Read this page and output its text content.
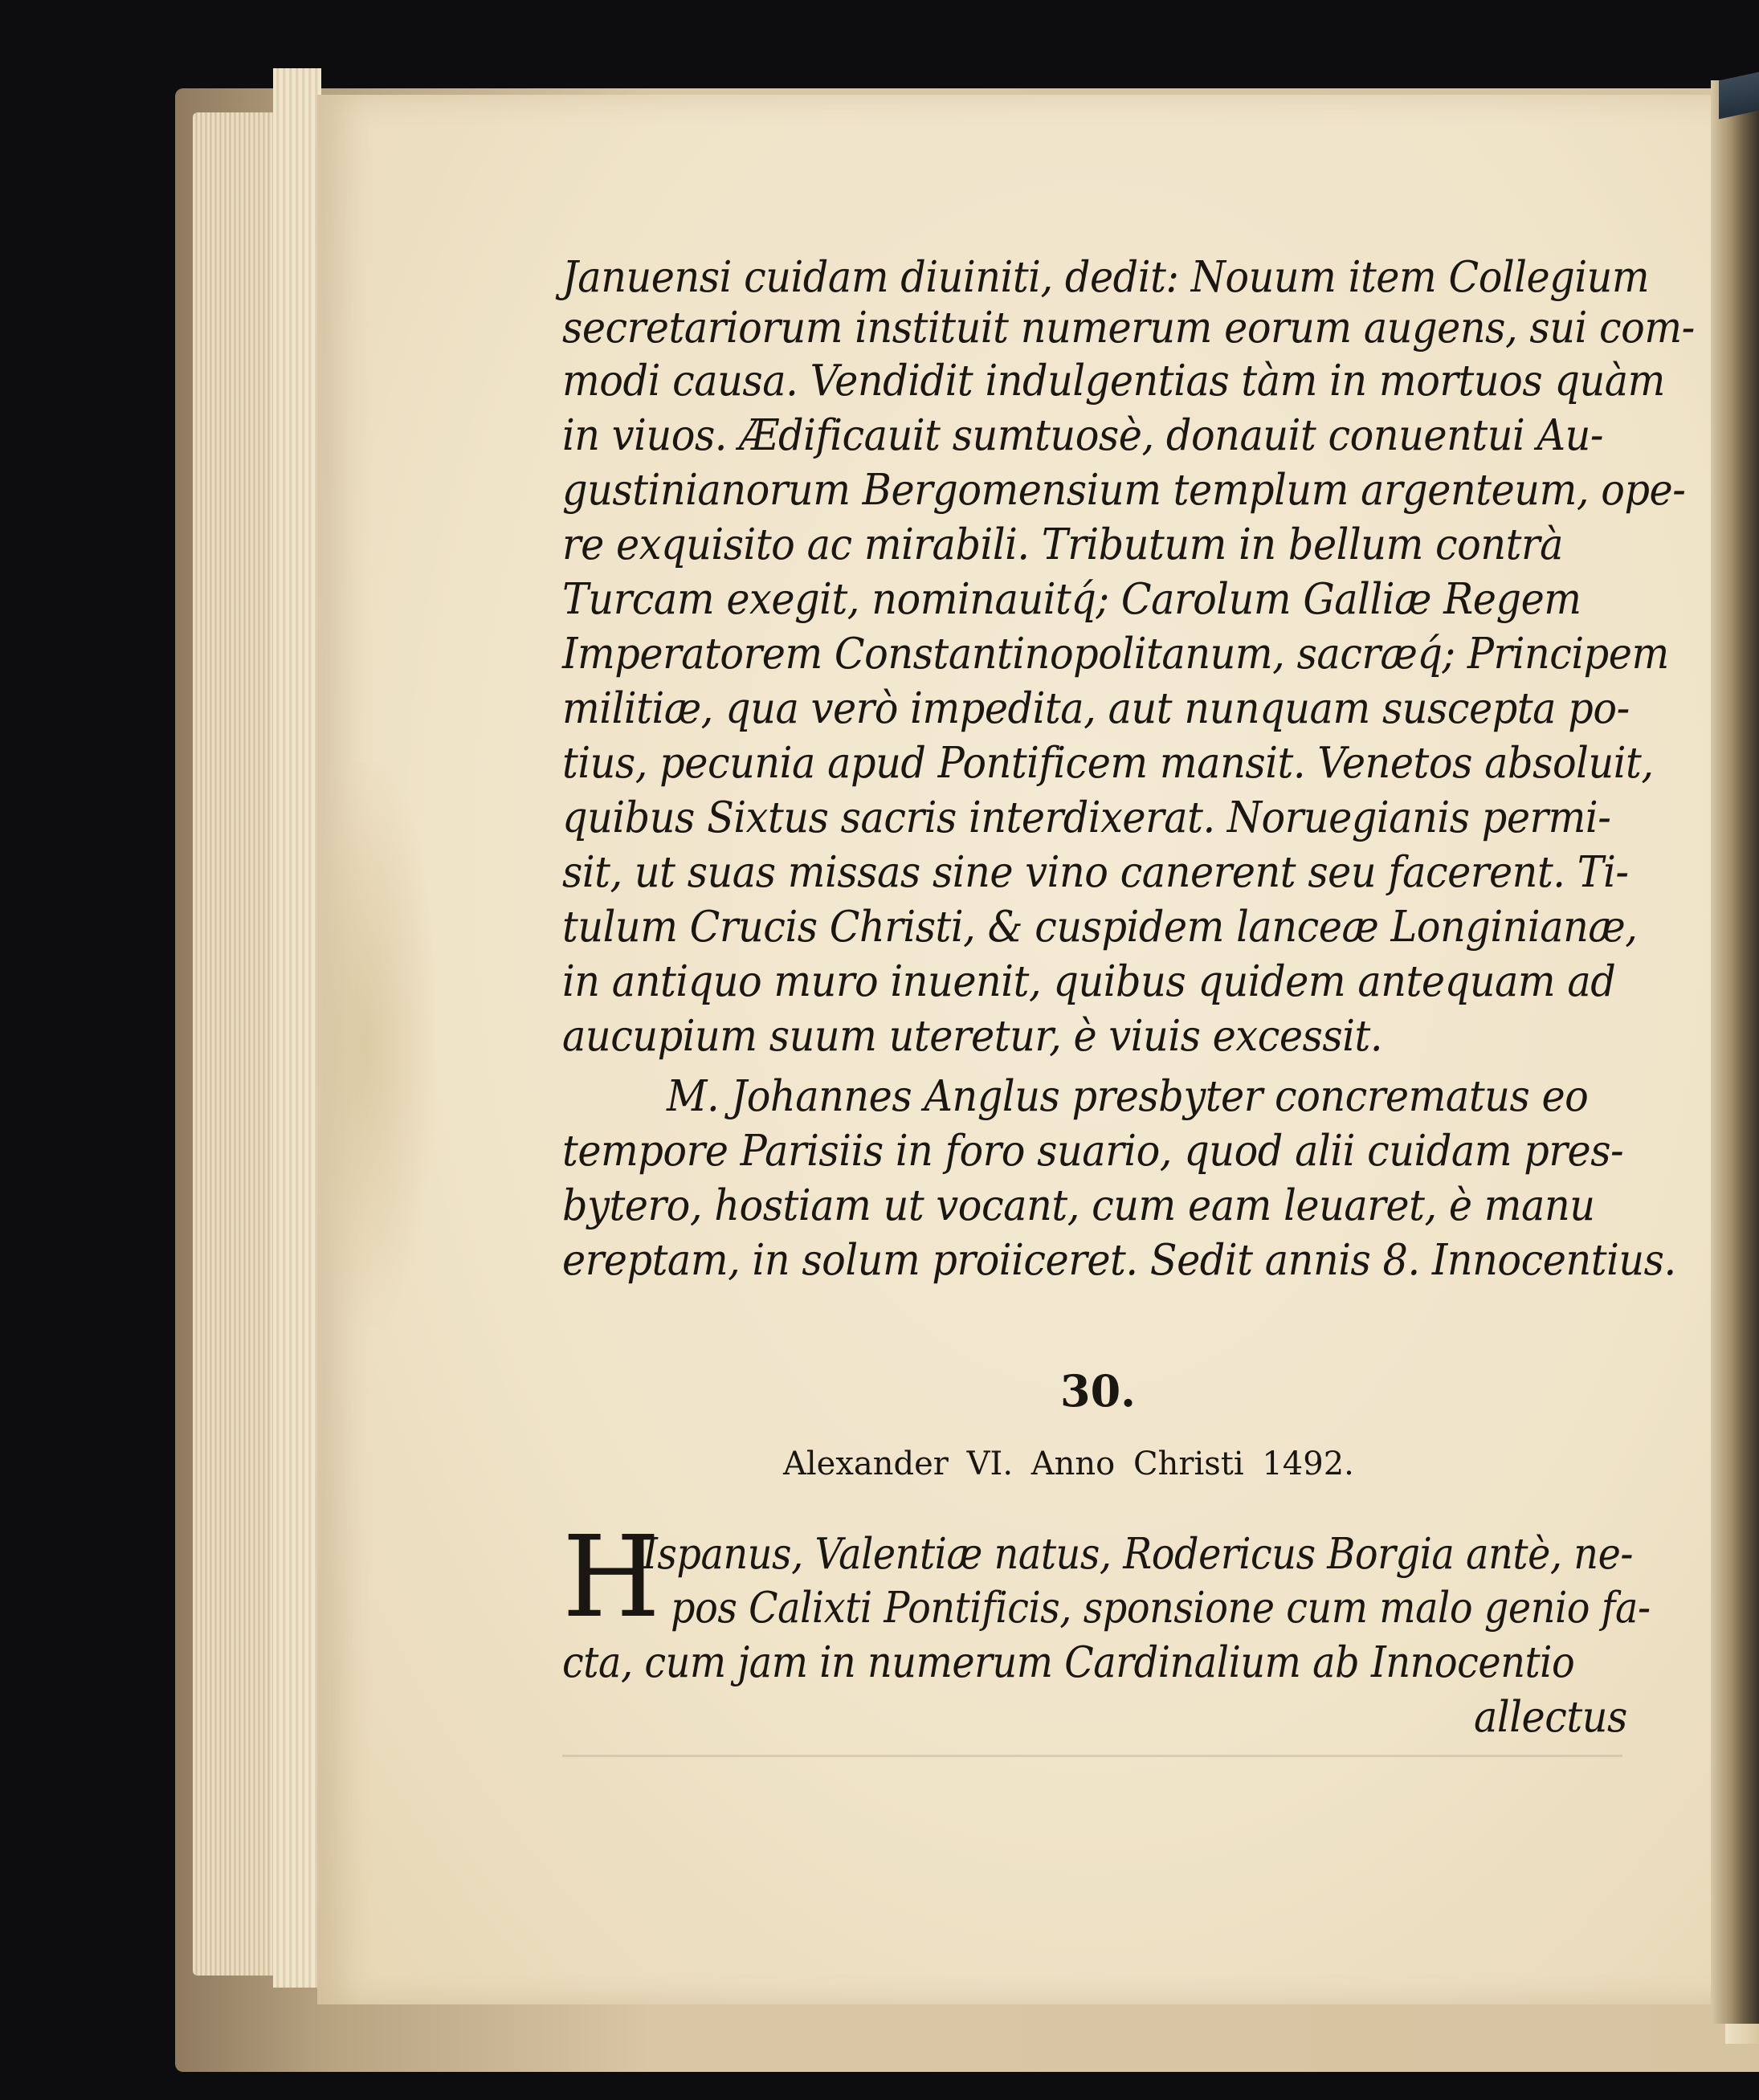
Januensi cuidam diuiniti, dedit: Nouum item Collegium
secretariorum instituit numerum eorum augens, sui com-
modi causa. Vendidit indulgentias tàm in mortuos quàm
in viuos. Ædificauit sumtuosè, donauit conuentui Au-
gustinianorum Bergomensium templum argenteum, ope-
re exquisito ac mirabili. Tributum in bellum contrà
Turcam exegit, nominauitq́; Carolum Galliæ Regem
Imperatorem Constantinopolitanum, sacræq́; Principem
militiæ, qua verò impedita, aut nunquam suscepta po-
tius, pecunia apud Pontificem mansit. Venetos absoluit,
quibus Sixtus sacris interdixerat. Noruegianis permi-
sit, ut suas missas sine vino canerent seu facerent. Ti-
tulum Crucis Christi, & cuspidem lanceæ Longinianæ,
in antiquo muro inuenit, quibus quidem antequam ad
aucupium suum uteretur, è viuis excessit.
M. Johannes Anglus presbyter concrematus eo
tempore Parisiis in foro suario, quod alii cuidam pres-
bytero, hostiam ut vocant, cum eam leuaret, è manu
ereptam, in solum proiiceret. Sedit annis 8. Innocentius.
30.
Alexander VI. Anno Christi 1492.
H
Ispanus, Valentiæ natus, Rodericus Borgia antè, ne-
pos Calixti Pontificis, sponsione cum malo genio fa-
cta, cum jam in numerum Cardinalium ab Innocentio
allectus
